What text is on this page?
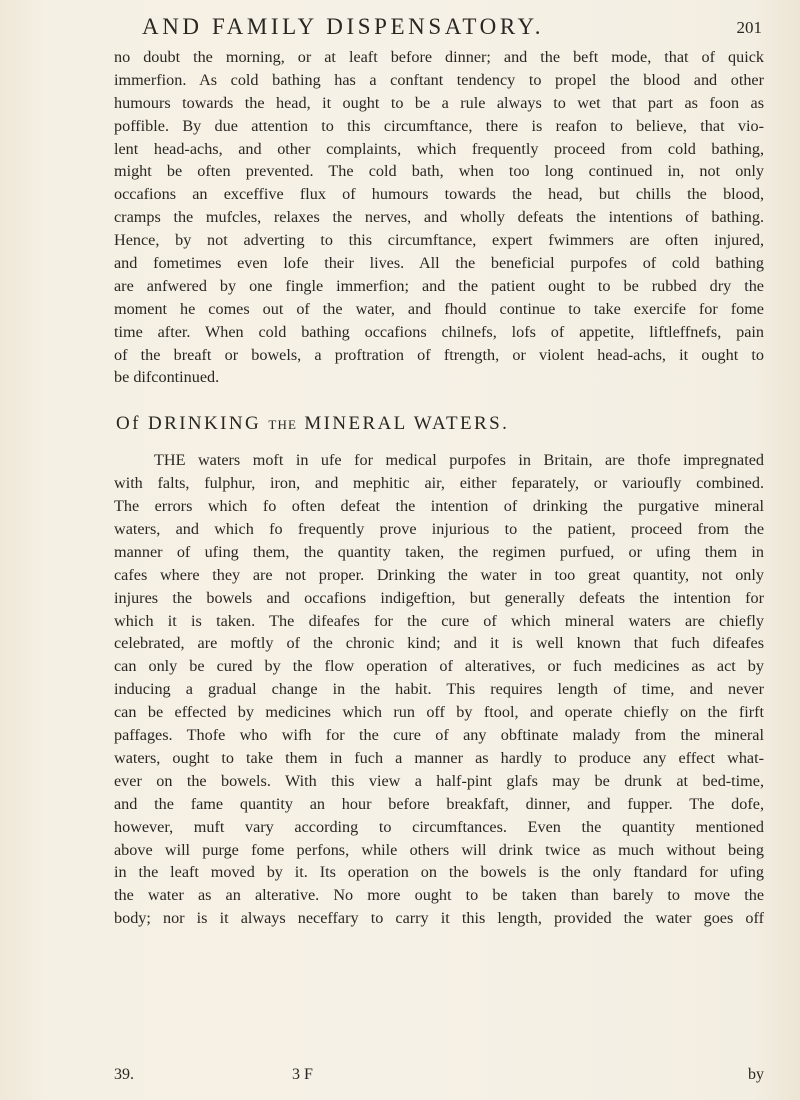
AND FAMILY DISPENSATORY.	201
no doubt the morning, or at leaft before dinner; and the beft mode, that of quick
immerfion. As cold bathing has a conftant tendency to propel the blood and other
humours towards the head, it ought to be a rule always to wet that part as foon as
poffible. By due attention to this circumftance, there is reafon to believe, that vio-
lent head-achs, and other complaints, which frequently proceed from cold bathing,
might be often prevented. The cold bath, when too long continued in, not only
occafions an exceffive flux of humours towards the head, but chills the blood,
cramps the mufcles, relaxes the nerves, and wholly defeats the intentions of bathing.
Hence, by not adverting to this circumftance, expert fwimmers are often injured,
and fometimes even lofe their lives. All the beneficial purpofes of cold bathing
are anfwered by one fingle immerfion; and the patient ought to be rubbed dry the
moment he comes out of the water, and fhould continue to take exercife for fome
time after. When cold bathing occafions chilnefs, lofs of appetite, liftleffnefs, pain
of the breaft or bowels, a proftration of ftrength, or violent head-achs, it ought to
be difcontinued.
Of DRINKING THE MINERAL WATERS.
THE waters moft in ufe for medical purpofes in Britain, are thofe impregnated
with falts, fulphur, iron, and mephitic air, either feparately, or varioufly combined.
The errors which fo often defeat the intention of drinking the purgative mineral
waters, and which fo frequently prove injurious to the patient, proceed from the
manner of ufing them, the quantity taken, the regimen purfued, or ufing them in
cafes where they are not proper. Drinking the water in too great quantity, not only
injures the bowels and occafions indigeftion, but generally defeats the intention for
which it is taken. The difeafes for the cure of which mineral waters are chiefly
celebrated, are moftly of the chronic kind; and it is well known that fuch difeafes
can only be cured by the flow operation of alteratives, or fuch medicines as act by
inducing a gradual change in the habit. This requires length of time, and never
can be effected by medicines which run off by ftool, and operate chiefly on the firft
paffages. Thofe who wifh for the cure of any obftinate malady from the mineral
waters, ought to take them in fuch a manner as hardly to produce any effect what-
ever on the bowels. With this view a half-pint glafs may be drunk at bed-time,
and the fame quantity an hour before breakfaft, dinner, and fupper. The dofe,
however, muft vary according to circumftances. Even the quantity mentioned
above will purge fome perfons, while others will drink twice as much without being
in the leaft moved by it. Its operation on the bowels is the only ftandard for ufing
the water as an alterative. No more ought to be taken than barely to move the
body; nor is it always neceffary to carry it this length, provided the water goes off
39.	3 F	by
